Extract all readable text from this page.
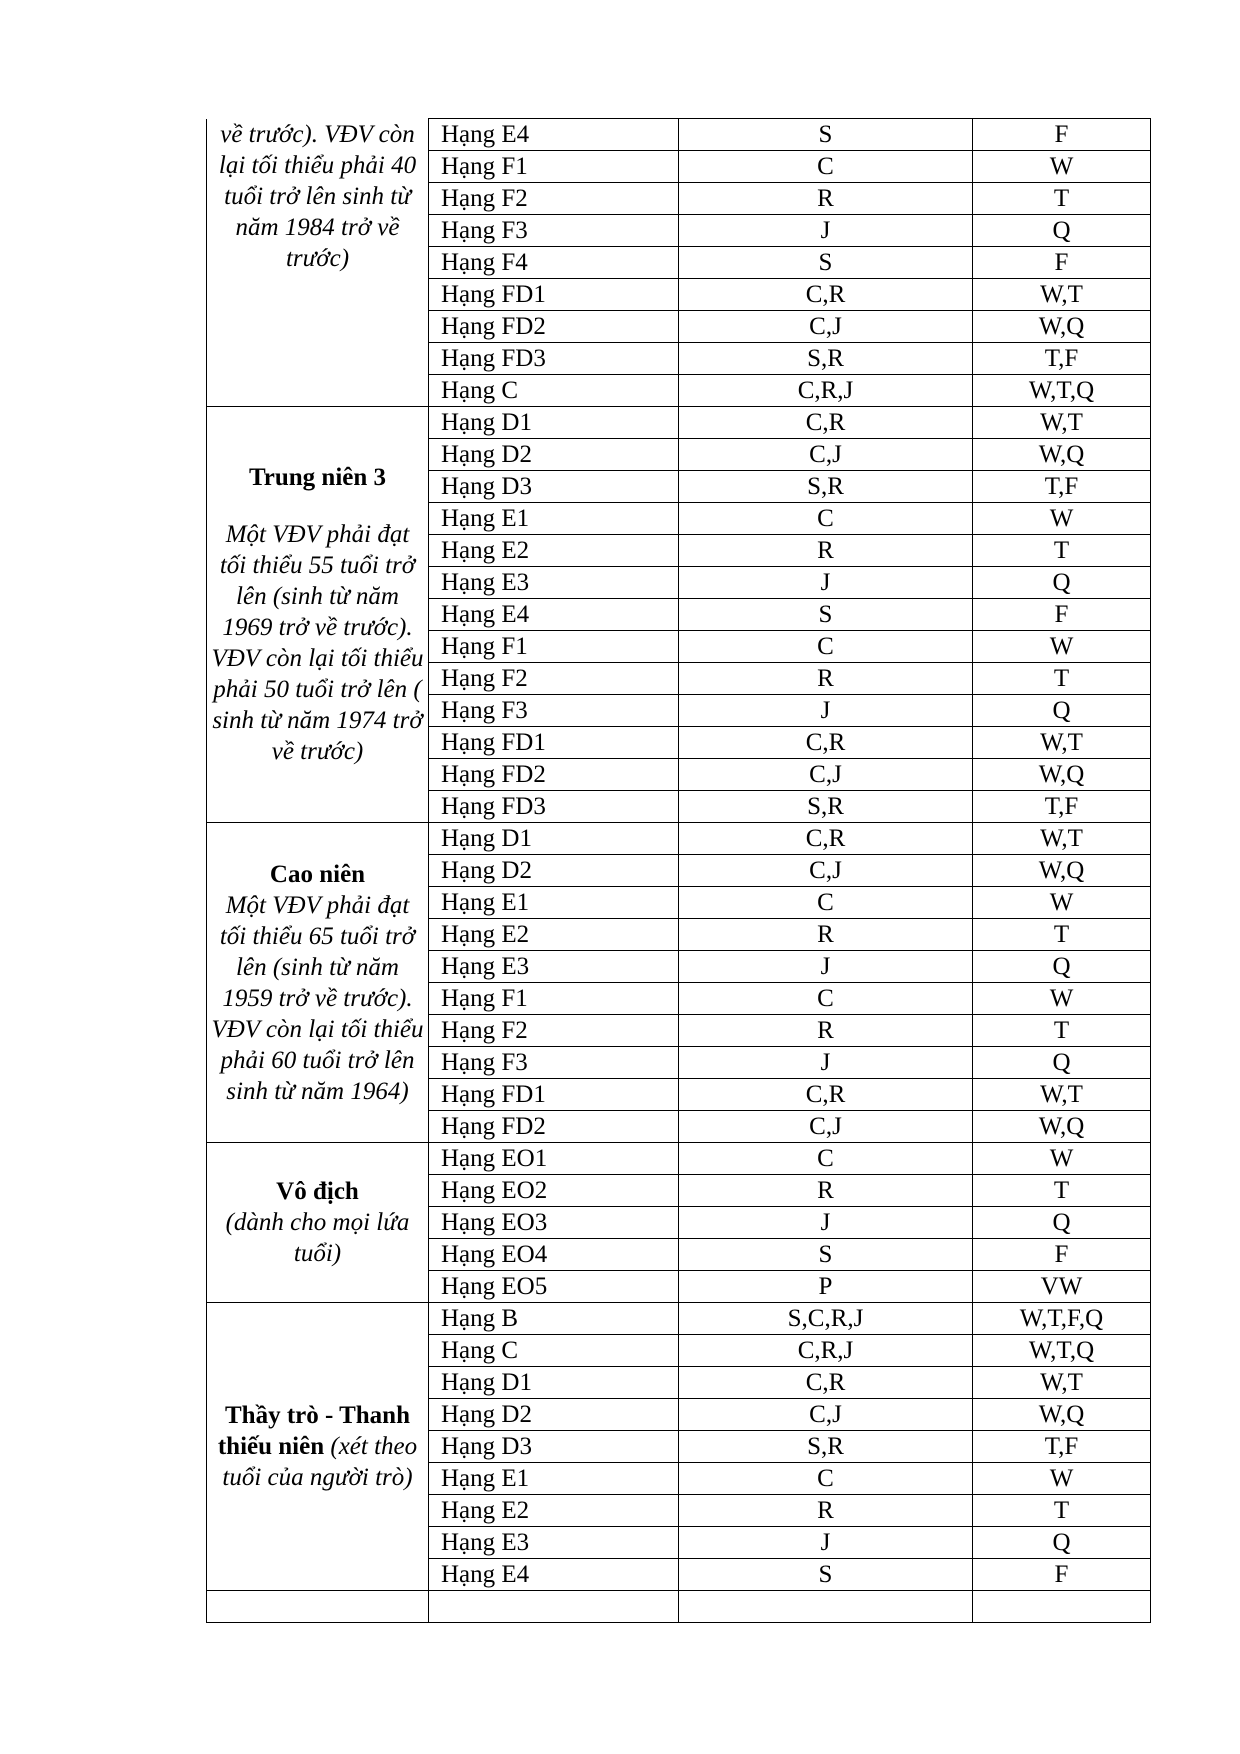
về trước). VĐV còn lại tối thiểu phải 40 tuổi trở lên sinh từ năm 1984 trở về trước)	Hạng E4	S	F
	Hạng F1	C	W
	Hạng F2	R	T
	Hạng F3	J	Q
	Hạng F4	S	F
	Hạng FD1	C,R	W,T
	Hạng FD2	C,J	W,Q
	Hạng FD3	S,R	T,F
	Hạng C	C,R,J	W,T,Q

Trung niên 3
Một VĐV phải đạt tối thiểu 55 tuổi trở lên (sinh từ năm 1969 trở về trước). VĐV còn lại tối thiểu phải 50 tuổi trở lên ( sinh từ năm 1974 trở về trước)	Hạng D1	C,R	W,T
	Hạng D2	C,J	W,Q
	Hạng D3	S,R	T,F
	Hạng E1	C	W
	Hạng E2	R	T
	Hạng E3	J	Q
	Hạng E4	S	F
	Hạng F1	C	W
	Hạng F2	R	T
	Hạng F3	J	Q
	Hạng FD1	C,R	W,T
	Hạng FD2	C,J	W,Q
	Hạng FD3	S,R	T,F

Cao niên
Một VĐV phải đạt tối thiểu 65 tuổi trở lên (sinh từ năm 1959 trở về trước). VĐV còn lại tối thiểu phải 60 tuổi trở lên sinh từ năm 1964)	Hạng D1	C,R	W,T
	Hạng D2	C,J	W,Q
	Hạng E1	C	W
	Hạng E2	R	T
	Hạng E3	J	Q
	Hạng F1	C	W
	Hạng F2	R	T
	Hạng F3	J	Q
	Hạng FD1	C,R	W,T
	Hạng FD2	C,J	W,Q

Vô địch
(dành cho mọi lứa tuổi)	Hạng EO1	C	W
	Hạng EO2	R	T
	Hạng EO3	J	Q
	Hạng EO4	S	F
	Hạng EO5	P	VW
Thầy trò - Thanh thiếu niên (xét theo tuổi của người trò)	Hạng B	S,C,R,J	W,T,F,Q
	Hạng C	C,R,J	W,T,Q
	Hạng D1	C,R	W,T
	Hạng D2	C,J	W,Q
	Hạng D3	S,R	T,F
	Hạng E1	C	W
	Hạng E2	R	T
	Hạng E3	J	Q
	Hạng E4	S	F
